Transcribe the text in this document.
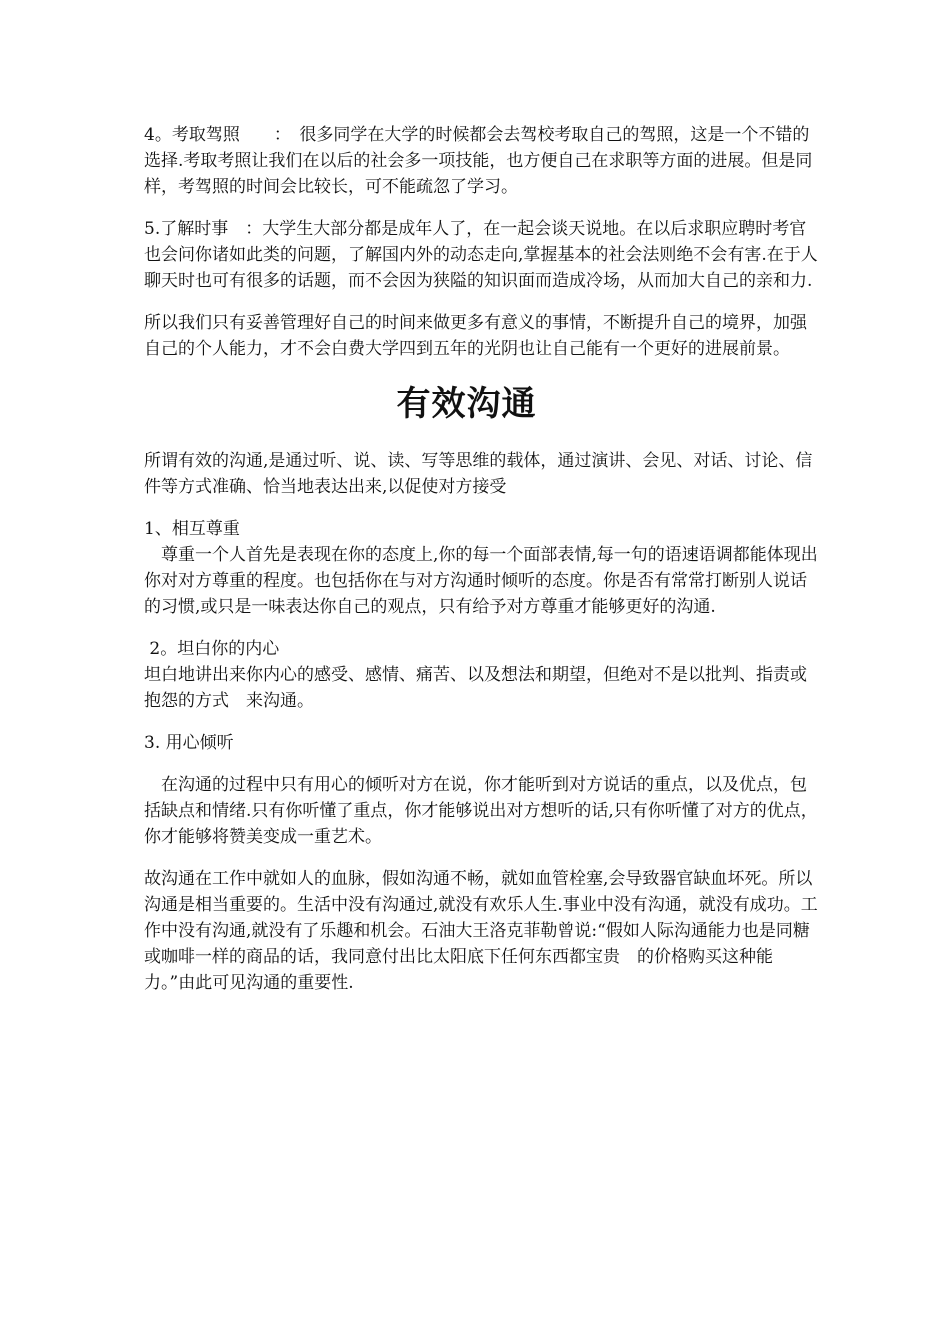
4。考取驾照　　：　很多同学在大学的时候都会去驾校考取自己的驾照，这是一个不错的选择.考取考照让我们在以后的社会多一项技能，也方便自己在求职等方面的进展。但是同样，考驾照的时间会比较长，可不能疏忽了学习。

5.了解时事　：大学生大部分都是成年人了，在一起会谈天说地。在以后求职应聘时考官也会问你诸如此类的问题，了解国内外的动态走向,掌握基本的社会法则绝不会有害.在于人聊天时也可有很多的话题，而不会因为狭隘的知识面而造成冷场，从而加大自己的亲和力.

所以我们只有妥善管理好自己的时间来做更多有意义的事情，不断提升自己的境界，加强自己的个人能力，才不会白费大学四到五年的光阴也让自己能有一个更好的进展前景。

有效沟通

所谓有效的沟通,是通过听、说、读、写等思维的载体，通过演讲、会见、对话、讨论、信件等方式准确、恰当地表达出来,以促使对方接受

1、相互尊重

　尊重一个人首先是表现在你的态度上,你的每一个面部表情,每一句的语速语调都能体现出你对对方尊重的程度。也包括你在与对方沟通时倾听的态度。你是否有常常打断别人说话的习惯,或只是一味表达你自己的观点，只有给予对方尊重才能够更好的沟通.

2。坦白你的内心

坦白地讲出来你内心的感受、感情、痛苦、以及想法和期望，但绝对不是以批判、指责或抱怨的方式　来沟通。

3. 用心倾听

　在沟通的过程中只有用心的倾听对方在说，你才能听到对方说话的重点，以及优点，包括缺点和情绪.只有你听懂了重点，你才能够说出对方想听的话,只有你听懂了对方的优点，你才能够将赞美变成一重艺术。

故沟通在工作中就如人的血脉，假如沟通不畅，就如血管栓塞,会导致器官缺血坏死。所以沟通是相当重要的。生活中没有沟通过,就没有欢乐人生.事业中没有沟通，就没有成功。工作中没有沟通,就没有了乐趣和机会。石油大王洛克菲勒曾说:“假如人际沟通能力也是同糖或咖啡一样的商品的话，我同意付出比太阳底下任何东西都宝贵　的价格购买这种能力。”由此可见沟通的重要性.
